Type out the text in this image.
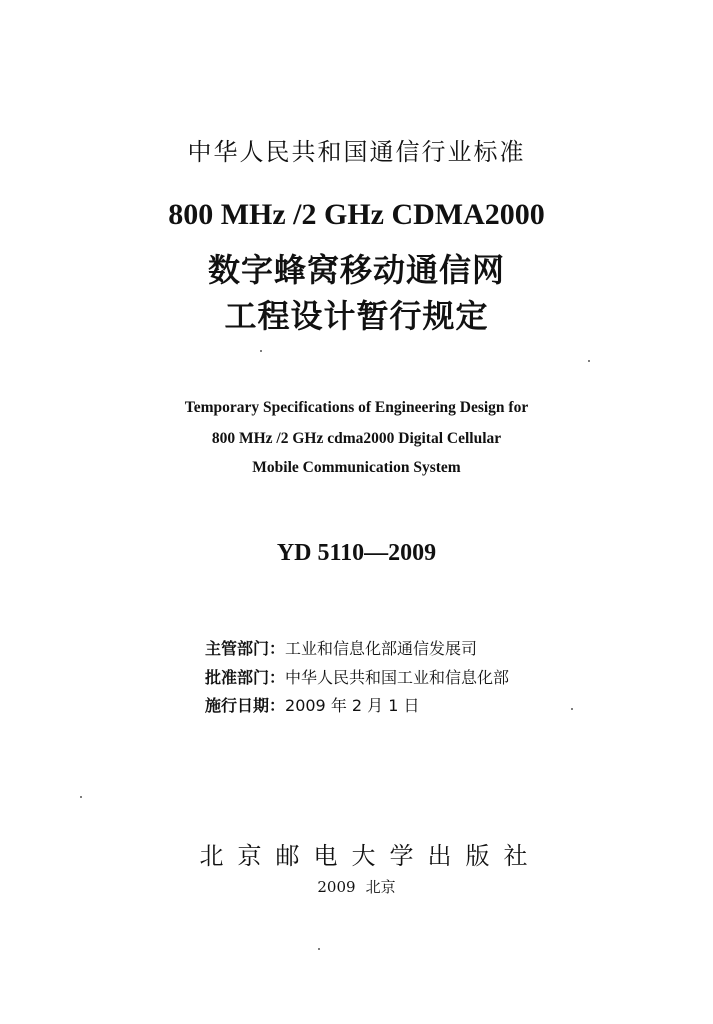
中华人民共和国通信行业标准
800 MHz /2 GHz CDMA2000
数字蜂窝移动通信网
工程设计暂行规定
Temporary Specifications of Engineering Design for
800 MHz /2 GHz cdma2000 Digital Cellular
Mobile Communication System
YD 5110—2009
主管部门：工业和信息化部通信发展司
批准部门：中华人民共和国工业和信息化部
施行日期：2009 年 2 月 1 日
北京邮电大学出版社
2009 北京
